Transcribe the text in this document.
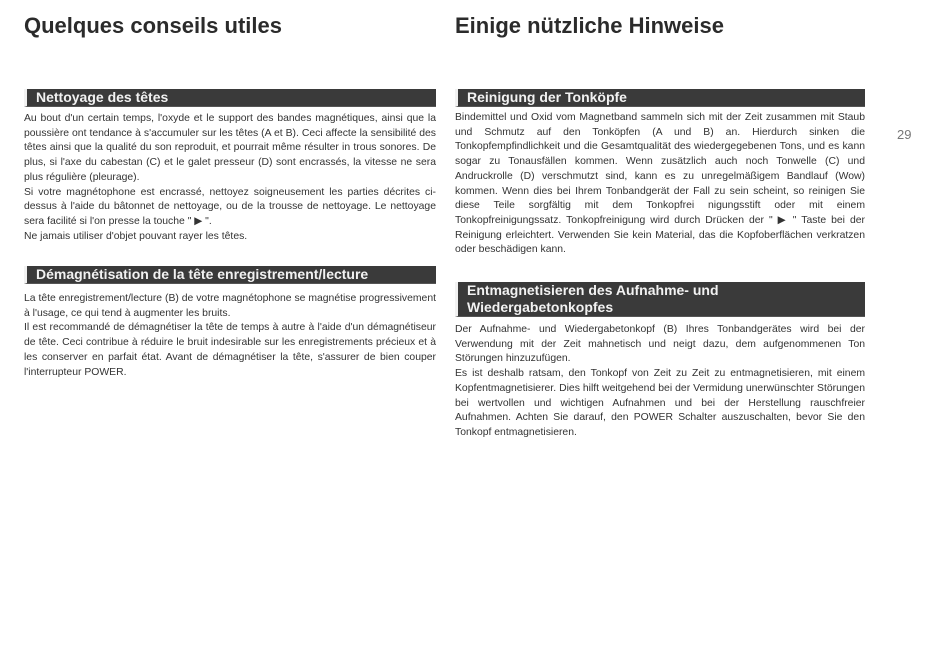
Quelques conseils utiles
Nettoyage des têtes

Au bout d'un certain temps, l'oxyde et le support des bandes magnétiques, ainsi que la poussière ont tendance à s'accumuler sur les têtes (A et B). Ceci affecte la sensibilité des têtes ainsi que la qualité du son reproduit, et pourrait même résulter in trous sonores. De plus, si l'axe du cabestan (C) et le galet presseur (D) sont encrassés, la vitesse ne sera plus régulière (pleurage).

Si votre magnétophone est encrassé, nettoyez soigneusement les parties décrites ci-dessus à l'aide du bâtonnet de nettoyage, ou de la trousse de nettoyage. Le nettoyage sera facilité si l'on presse la touche " ▶ ".

Ne jamais utiliser d'objet pouvant rayer les têtes.

Démagnétisation de la tête enregistrement/lecture

La tête enregistrement/lecture (B) de votre magnétophone se magnétise progressivement à l'usage, ce qui tend à augmenter les bruits.

Il est recommandé de démagnétiser la tête de temps à autre à l'aide d'un démagnétiseur de tête. Ceci contribue à réduire le bruit indesirable sur les enregistrements précieux et à les conserver en parfait état. Avant de démagnétiser la tête, s'assurer de bien couper l'interrupteur POWER.

Einige nützliche Hinweise
Reinigung der Tonköpfe

Bindemittel und Oxid vom Magnetband sammeln sich mit der Zeit zusammen mit Staub und Schmutz auf den Tonköpfen (A und B) an. Hierdurch sinken die Tonkopfempfindlichkeit und die Gesamtqualität des wiedergegebenen Tons, und es kann sogar zu Tonausfällen kommen. Wenn zusätzlich auch noch Tonwelle (C) und Andruckrolle (D) verschmutzt sind, kann es zu unregelmäßigem Bandlauf (Wow) kommen. Wenn dies bei Ihrem Tonbandgerät der Fall zu sein scheint, so reinigen Sie diese Teile sorgfältig mit dem Tonkopfrei nigungsstift oder mit einem Tonkopfreinigungssatz. Tonkopfreinigung wird durch Drücken der " ▶ " Taste bei der Reinigung erleichtert. Verwenden Sie kein Material, das die Kopfoberflächen verkratzen oder beschädigen kann.

Entmagnetisieren des Aufnahme- und
Wiedergabetonkopfes

Der Aufnahme- und Wiedergabetonkopf (B) Ihres Tonbandgerätes wird bei der Verwendung mit der Zeit mahnetisch und neigt dazu, dem aufgenommenen Ton Störungen hinzuzufügen.

Es ist deshalb ratsam, den Tonkopf von Zeit zu Zeit zu entmagnetisieren, mit einem Kopfentmagnetisierer. Dies hilft weitgehend bei der Vermidung unerwünschter Störungen bei wertvollen und wichtigen Aufnahmen und bei der Herstellung rauschfreier Aufnahmen. Achten Sie darauf, den POWER Schalter auszuschalten, bevor Sie den Tonkopf entmagnetisieren.

29
